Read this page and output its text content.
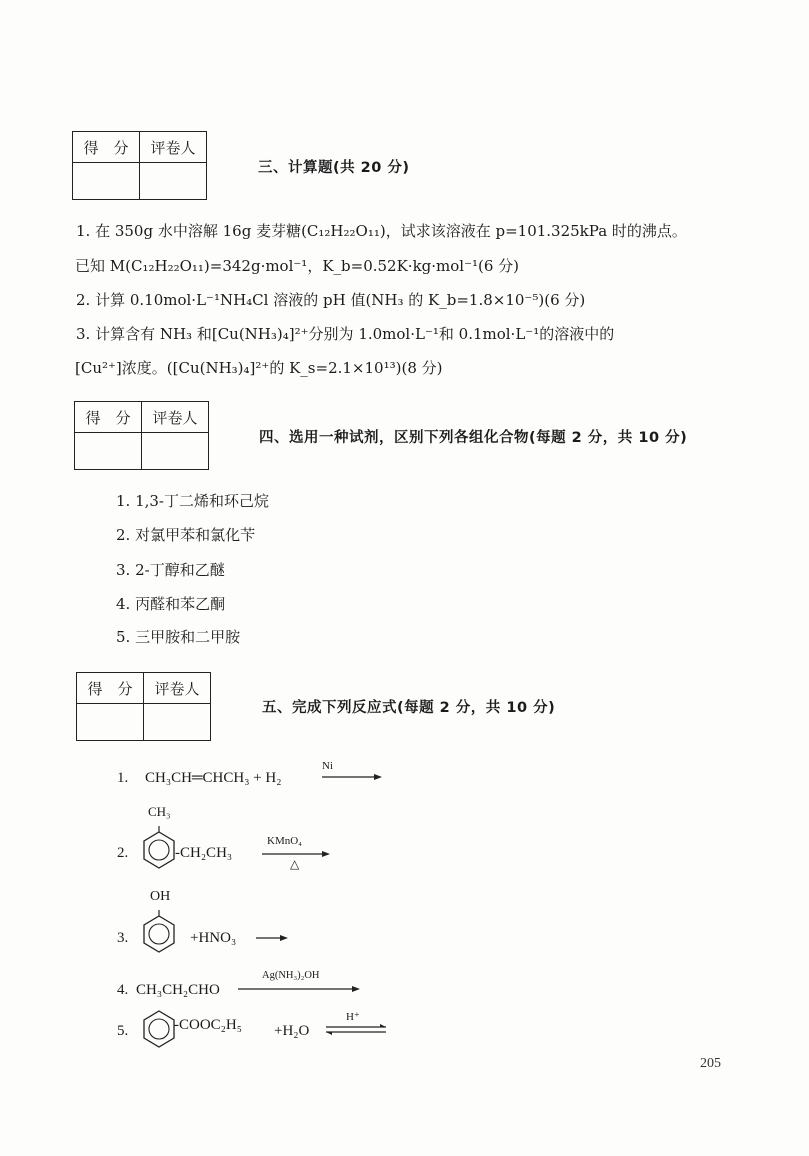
得　分	评卷人

三、计算题(共 20 分)
1. 在 350g 水中溶解 16g 麦芽糖(C₁₂H₂₂O₁₁)，试求该溶液在 p=101.325kPa 时的沸点。
已知 M(C₁₂H₂₂O₁₁)=342g·mol⁻¹，K_b=0.52K·kg·mol⁻¹(6 分)
2. 计算 0.10mol·L⁻¹NH₄Cl 溶液的 pH 值(NH₃ 的 K_b=1.8×10⁻⁵)(6 分)
3. 计算含有 NH₃ 和[Cu(NH₃)₄]²⁺分别为 1.0mol·L⁻¹和 0.1mol·L⁻¹的溶液中的
[Cu²⁺]浓度。([Cu(NH₃)₄]²⁺的 K_s=2.1×10¹³)(8 分)
得　分	评卷人

四、选用一种试剂，区别下列各组化合物(每题 2 分，共 10 分)
1. 1,3-丁二烯和环己烷
2. 对氯甲苯和氯化苄
3. 2-丁醇和乙醚
4. 丙醛和苯乙酮
5. 三甲胺和二甲胺
得　分	评卷人

五、完成下列反应式(每题 2 分，共 10 分)
1. CH₃CH═CHCH₃ + H₂
Ni
2.
CH₃
-CH₂CH₃
KMnO₄
△
3.
OH
+HNO₃
4. CH₃CH₂CHO
Ag(NH₃)₂OH
5.	-COOC₂H₅ +H₂O
H⁺
205
